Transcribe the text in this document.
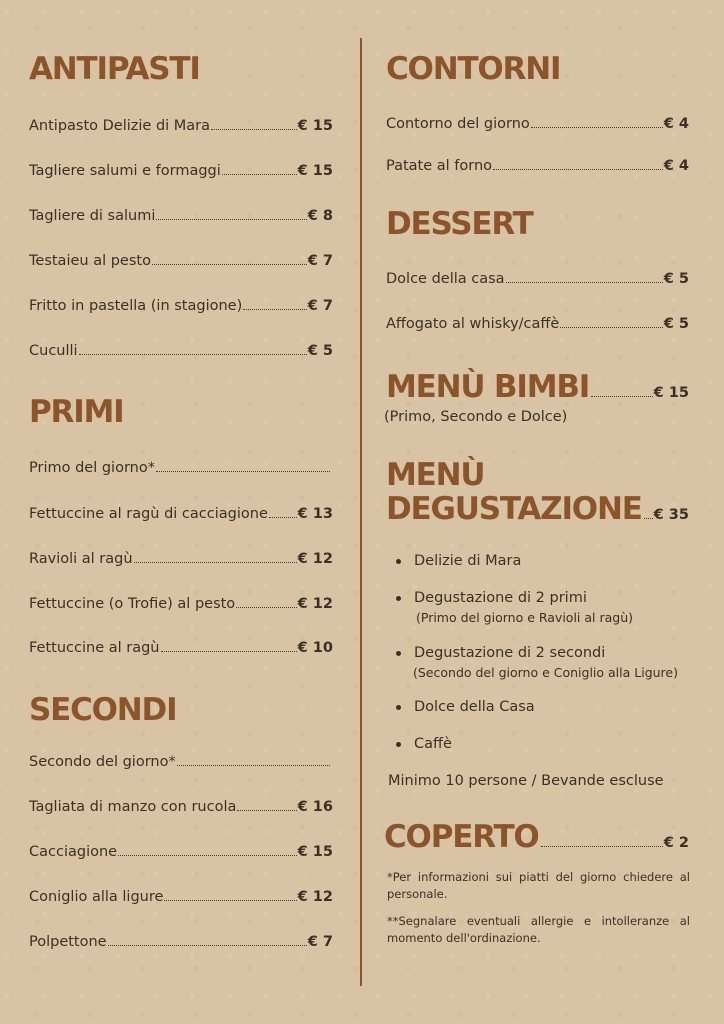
ANTIPASTI
Antipasto Delizie di Mara	€ 15
Tagliere salumi e formaggi	€ 15
Tagliere di salumi	€ 8
Testaieu al pesto	€ 7
Fritto in pastella (in stagione)	€ 7
Cuculli	€ 5
PRIMI
Primo del giorno*
Fettuccine al ragù di cacciagione € 13
Ravioli al ragù	€ 12
Fettuccine (o Trofie) al pesto	€ 12
Fettuccine al ragù	€ 10
SECONDI
Secondo del giorno*
Tagliata di manzo con rucola	€ 16
Cacciagione	€ 15
Coniglio alla ligure	€ 12
Polpettone	€ 7
CONTORNI
Contorno del giorno	€ 4
Patate al forno	€ 4
DESSERT
Dolce della casa	€ 5
Affogato al whisky/caffè	€ 5
MENÙ BIMBI	€ 15
(Primo, Secondo e Dolce)
MENÙ
DEGUSTAZIONE € 35
Delizie di Mara
Degustazione di 2 primi
(Primo del giorno e Ravioli al ragù)
Degustazione di 2 secondi
(Secondo del giorno e Coniglio alla Ligure)
Dolce della Casa
Caffè
Minimo 10 persone / Bevande escluse
COPERTO	€ 2
*Per informazioni sui piatti del giorno chiedere al personale.
**Segnalare eventuali allergie e intolleranze al momento dell'ordinazione.
